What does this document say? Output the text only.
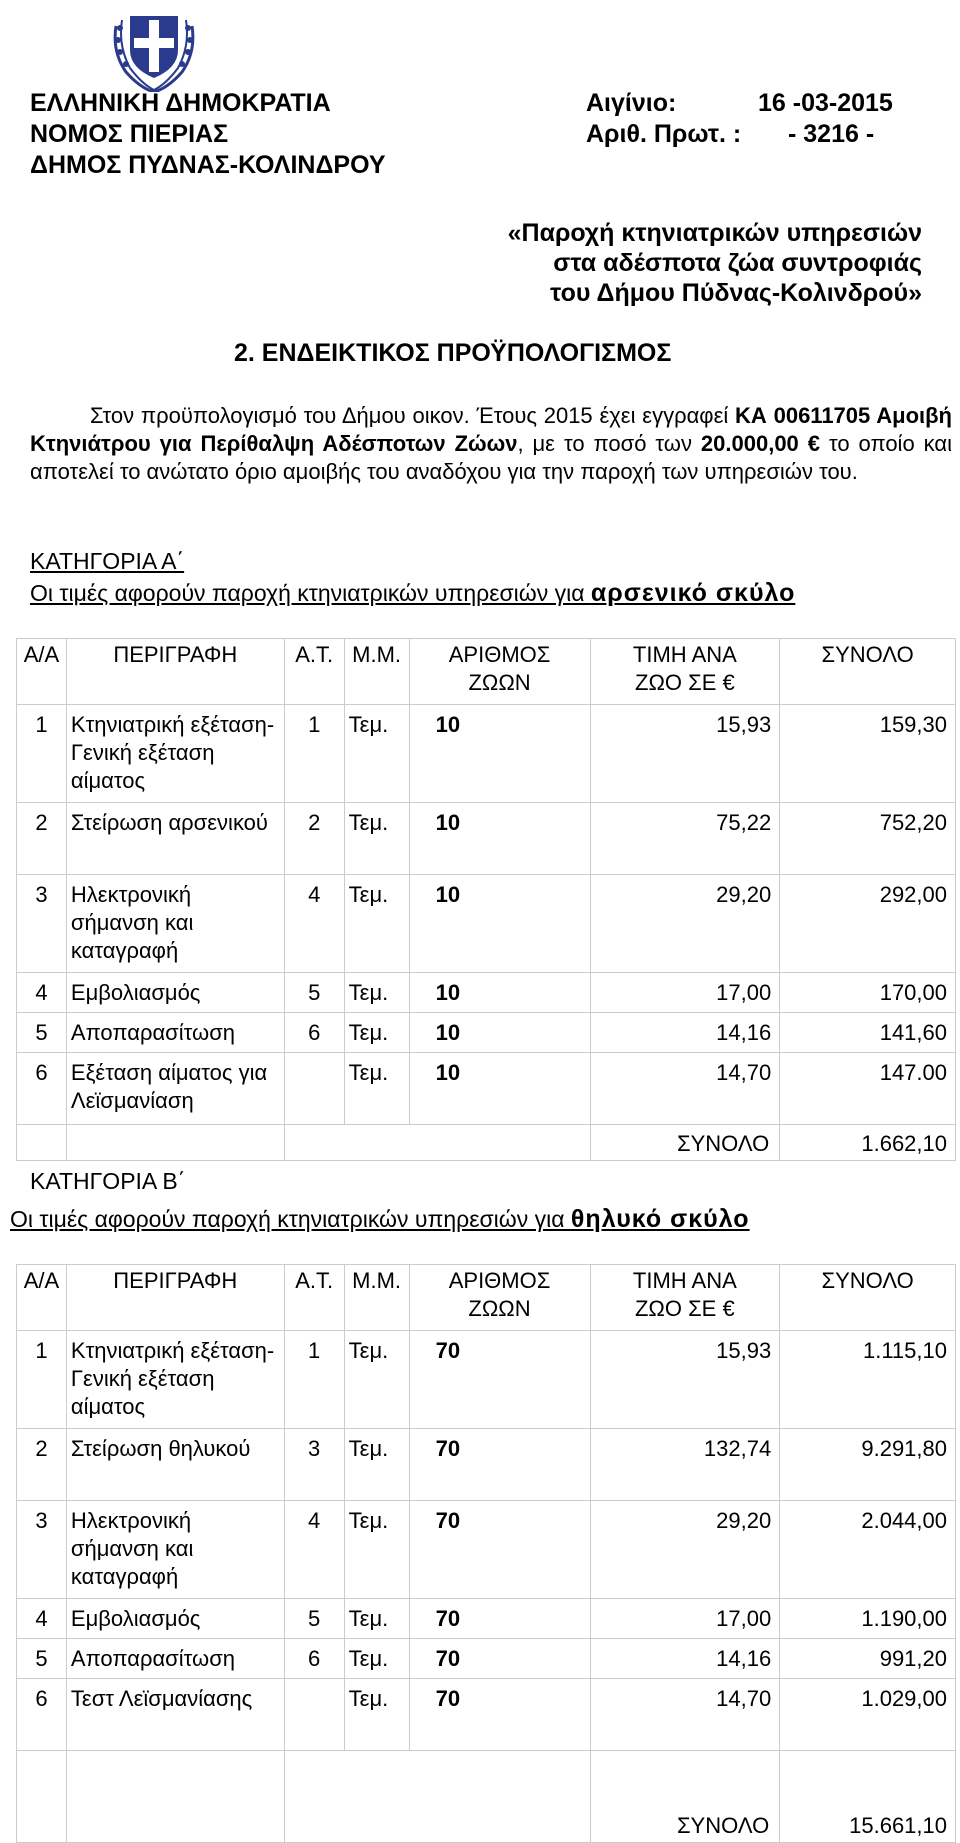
ΕΛΛΗΝΙΚΗ ΔΗΜΟΚΡΑΤΙΑ
ΝΟΜΟΣ ΠΙΕΡΙΑΣ
ΔΗΜΟΣ ΠΥΔΝΑΣ-ΚΟΛΙΝΔΡΟΥ
Αιγίνιο:	16 -03-2015
Αριθ. Πρωτ. : - 3216 -
«Παροχή κτηνιατρικών υπηρεσιών
στα αδέσποτα ζώα συντροφιάς
του Δήμου Πύδνας-Κολινδρού»
2. ΕΝΔΕΙΚΤΙΚΟΣ ΠΡΟΫΠΟΛΟΓΙΣΜΟΣ
Στον προϋπολογισμό του Δήμου οικον. Έτους 2015 έχει εγγραφεί ΚΑ 00611705 Αμοιβή Κτηνιάτρου για Περίθαλψη Αδέσποτων Ζώων, με το ποσό των 20.000,00 € το οποίο και αποτελεί το ανώτατο όριο αμοιβής του αναδόχου για την παροχή των υπηρεσιών του.
ΚΑΤΗΓΟΡΙΑ Α΄
Οι τιμές αφορούν παροχή κτηνιατρικών υπηρεσιών για αρσενικό σκύλο
Α/Α	ΠΕΡΙΓΡΑΦΗ	Α.Τ.	Μ.Μ.	ΑΡΙΘΜΟΣ ΖΩΩΝ	ΤΙΜΗ ΑΝΑ ΖΩΟ ΣΕ €	ΣΥΝΟΛΟ
1	Κτηνιατρική εξέταση-Γενική εξέταση αίματος	1	Τεμ.	10	15,93	159,30
2	Στείρωση αρσενικού	2	Τεμ.	10	75,22	752,20
3	Ηλεκτρονική σήμανση και καταγραφή	4	Τεμ.	10	29,20	292,00
4	Εμβολιασμός	5	Τεμ.	10	17,00	170,00
5	Αποπαρασίτωση	6	Τεμ.	10	14,16	141,60
6	Εξέταση αίματος για Λεϊσμανίαση		Τεμ.	10	14,70	147.00
					ΣΥΝΟΛΟ	1.662,10
ΚΑΤΗΓΟΡΙΑ Β΄
Οι τιμές αφορούν παροχή κτηνιατρικών υπηρεσιών για θηλυκό σκύλο
Α/Α	ΠΕΡΙΓΡΑΦΗ	Α.Τ.	Μ.Μ.	ΑΡΙΘΜΟΣ ΖΩΩΝ	ΤΙΜΗ ΑΝΑ ΖΩΟ ΣΕ €	ΣΥΝΟΛΟ
1	Κτηνιατρική εξέταση-Γενική εξέταση αίματος	1	Τεμ.	70	15,93	1.115,10
2	Στείρωση θηλυκού	3	Τεμ.	70	132,74	9.291,80
3	Ηλεκτρονική σήμανση και καταγραφή	4	Τεμ.	70	29,20	2.044,00
4	Εμβολιασμός	5	Τεμ.	70	17,00	1.190,00
5	Αποπαρασίτωση	6	Τεμ.	70	14,16	991,20
6	Τεστ Λεϊσμανίασης		Τεμ.	70	14,70	1.029,00
					ΣΥΝΟΛΟ	15.661,10
